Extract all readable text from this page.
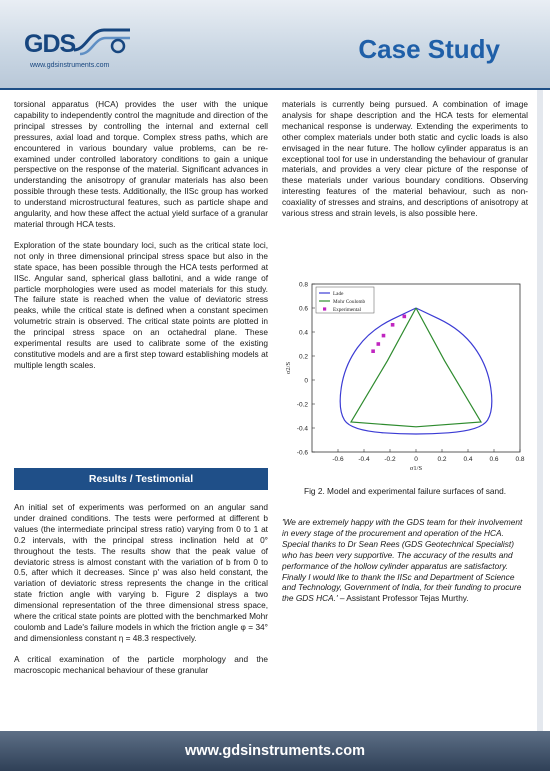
GDS
www.gdsinstruments.com
Case Study

torsional apparatus (HCA) provides the user with the unique capability to independently control the magnitude and direction of the principal stresses by controlling the internal and external cell pressures, axial load and torque. Complex stress paths, which are encountered in various boundary value problems, can be re-examined under controlled laboratory conditions to gain a unique perspective on the response of the material. Significant advances in understanding the anisotropy of granular materials has also been possible through these tests. Additionally, the IISc group has worked to understand microstructural features, such as particle shape and angularity, and how these affect the actual yield surface of a granular material through HCA tests.

Exploration of the state boundary loci, such as the critical state loci, not only in three dimensional principal stress space but also in the state space, has been possible through the HCA tests performed at IISc. Angular sand, spherical glass ballotini, and a wide range of particle morphologies were used as model materials for this study. The failure state is reached when the value of deviatoric stress peaks, while the critical state is defined when a constant specimen volumetric strain is observed. The critical state points are plotted in the principal stress space on an octahedral plane. These experimental results are used to calibrate some of the existing constitutive models and are a first step toward establishing models at multiple length scales.

Results / Testimonial

An initial set of experiments was performed on an angular sand under drained conditions. The tests were performed at different b values (the intermediate principal stress ratio) varying from 0 to 1 at 0.2 intervals, with the principal stress inclination held at 0° throughout the tests. The results show that the peak value of deviatoric stress is almost constant with the variation of b from 0 to 0.5, after which it decreases. Since p' was also held constant, the variation of deviatoric stress represents the change in the critical state friction angle with varying b. Figure 2 displays a two dimensional representation of the three dimensional stress space, where the critical state points are plotted with the benchmarked Mohr coulomb and Lade's failure models in which the friction angle φ = 34° and dimensionless constant η = 48.3 respectively.

A critical examination of the particle morphology and the macroscopic mechanical behaviour of these granular

materials is currently being pursued. A combination of image analysis for shape description and the HCA tests for elemental mechanical response is underway. Extending the experiments to other complex materials under both static and cyclic loads is also envisaged in the near future. The hollow cylinder apparatus is an exceptional tool for use in understanding the behaviour of granular materials, and provides a very clear picture of the response of these materials under various boundary conditions. Observing interesting features of the material behaviour, such as non-coaxiality of stresses and strains, and descriptions of anisotropy at various stress and strain levels, is also possible here.

-0.6 -0.4 -0.2	0	0.2	0.4	0.6	0.8
0.8
0.6
0.4
0.2
0
-0.2
-0.4
-0.6
σ1/S
σ2/S
Lade
Mohr Coulomb
Experimental
Fig 2. Model and experimental failure surfaces of sand.
'We are extremely happy with the GDS team for their involvement in every stage of the procurement and operation of the HCA. Special thanks to Dr Sean Rees (GDS Geotechnical Specialist) who has been very supportive. The accuracy of the results and performance of the hollow cylinder apparatus are satisfactory. Finally I would like to thank the IISc and Department of Science and Technology, Government of India, for their funding to procure the GDS HCA.' – Assistant Professor Tejas Murthy.
www.gdsinstruments.com
